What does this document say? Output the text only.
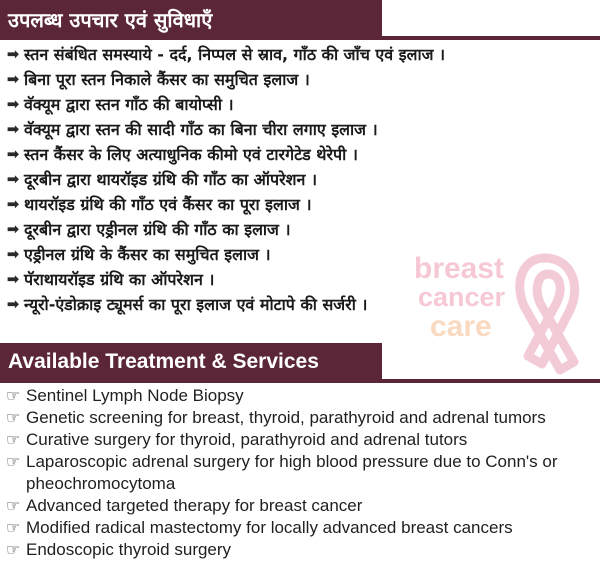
breast
cancer
care
उपलब्ध उपचार एवं सुविधाएँ
➡ स्तन संबंधित समस्याये - दर्द, निप्पल से स्राव, गाँठ की जाँच एवं इलाज ।
➡ बिना पूरा स्तन निकाले कैंसर का समुचित इलाज ।
➡ वॅक्यूम द्वारा स्तन गाँठ की बायोप्सी ।
➡ वॅक्यूम द्वारा स्तन की सादी गाँठ का बिना चीरा लगाए इलाज ।
➡ स्तन कैंसर के लिए अत्याधुनिक कीमो एवं टारगेटेड थेरेपी ।
➡ दूरबीन द्वारा थायरॉइड ग्रंथि की गाँठ का ऑपरेशन ।
➡ थायरॉइड ग्रंथि की गाँठ एवं कैंसर का पूरा इलाज ।
➡ दूरबीन द्वारा एड्रीनल ग्रंथि की गाँठ का इलाज ।
➡ एड्रीनल ग्रंथि के कैंसर का समुचित इलाज ।
➡ पॅराथायरॉइड ग्रंथि का ऑपरेशन ।
➡ न्यूरो-एंडोक्राइ ट्यूमर्स का पूरा इलाज एवं मोटापे की सर्जरी ।
Available Treatment & Services
☞ Sentinel Lymph Node Biopsy
☞ Genetic screening for breast, thyroid, parathyroid and adrenal tumors
☞ Curative surgery for thyroid, parathyroid and adrenal tutors
☞ Laparoscopic adrenal surgery for high blood pressure due to Conn's or pheochromocytoma
☞ Advanced targeted therapy for breast cancer
☞ Modified radical mastectomy for locally advanced breast cancers
☞ Endoscopic thyroid surgery
